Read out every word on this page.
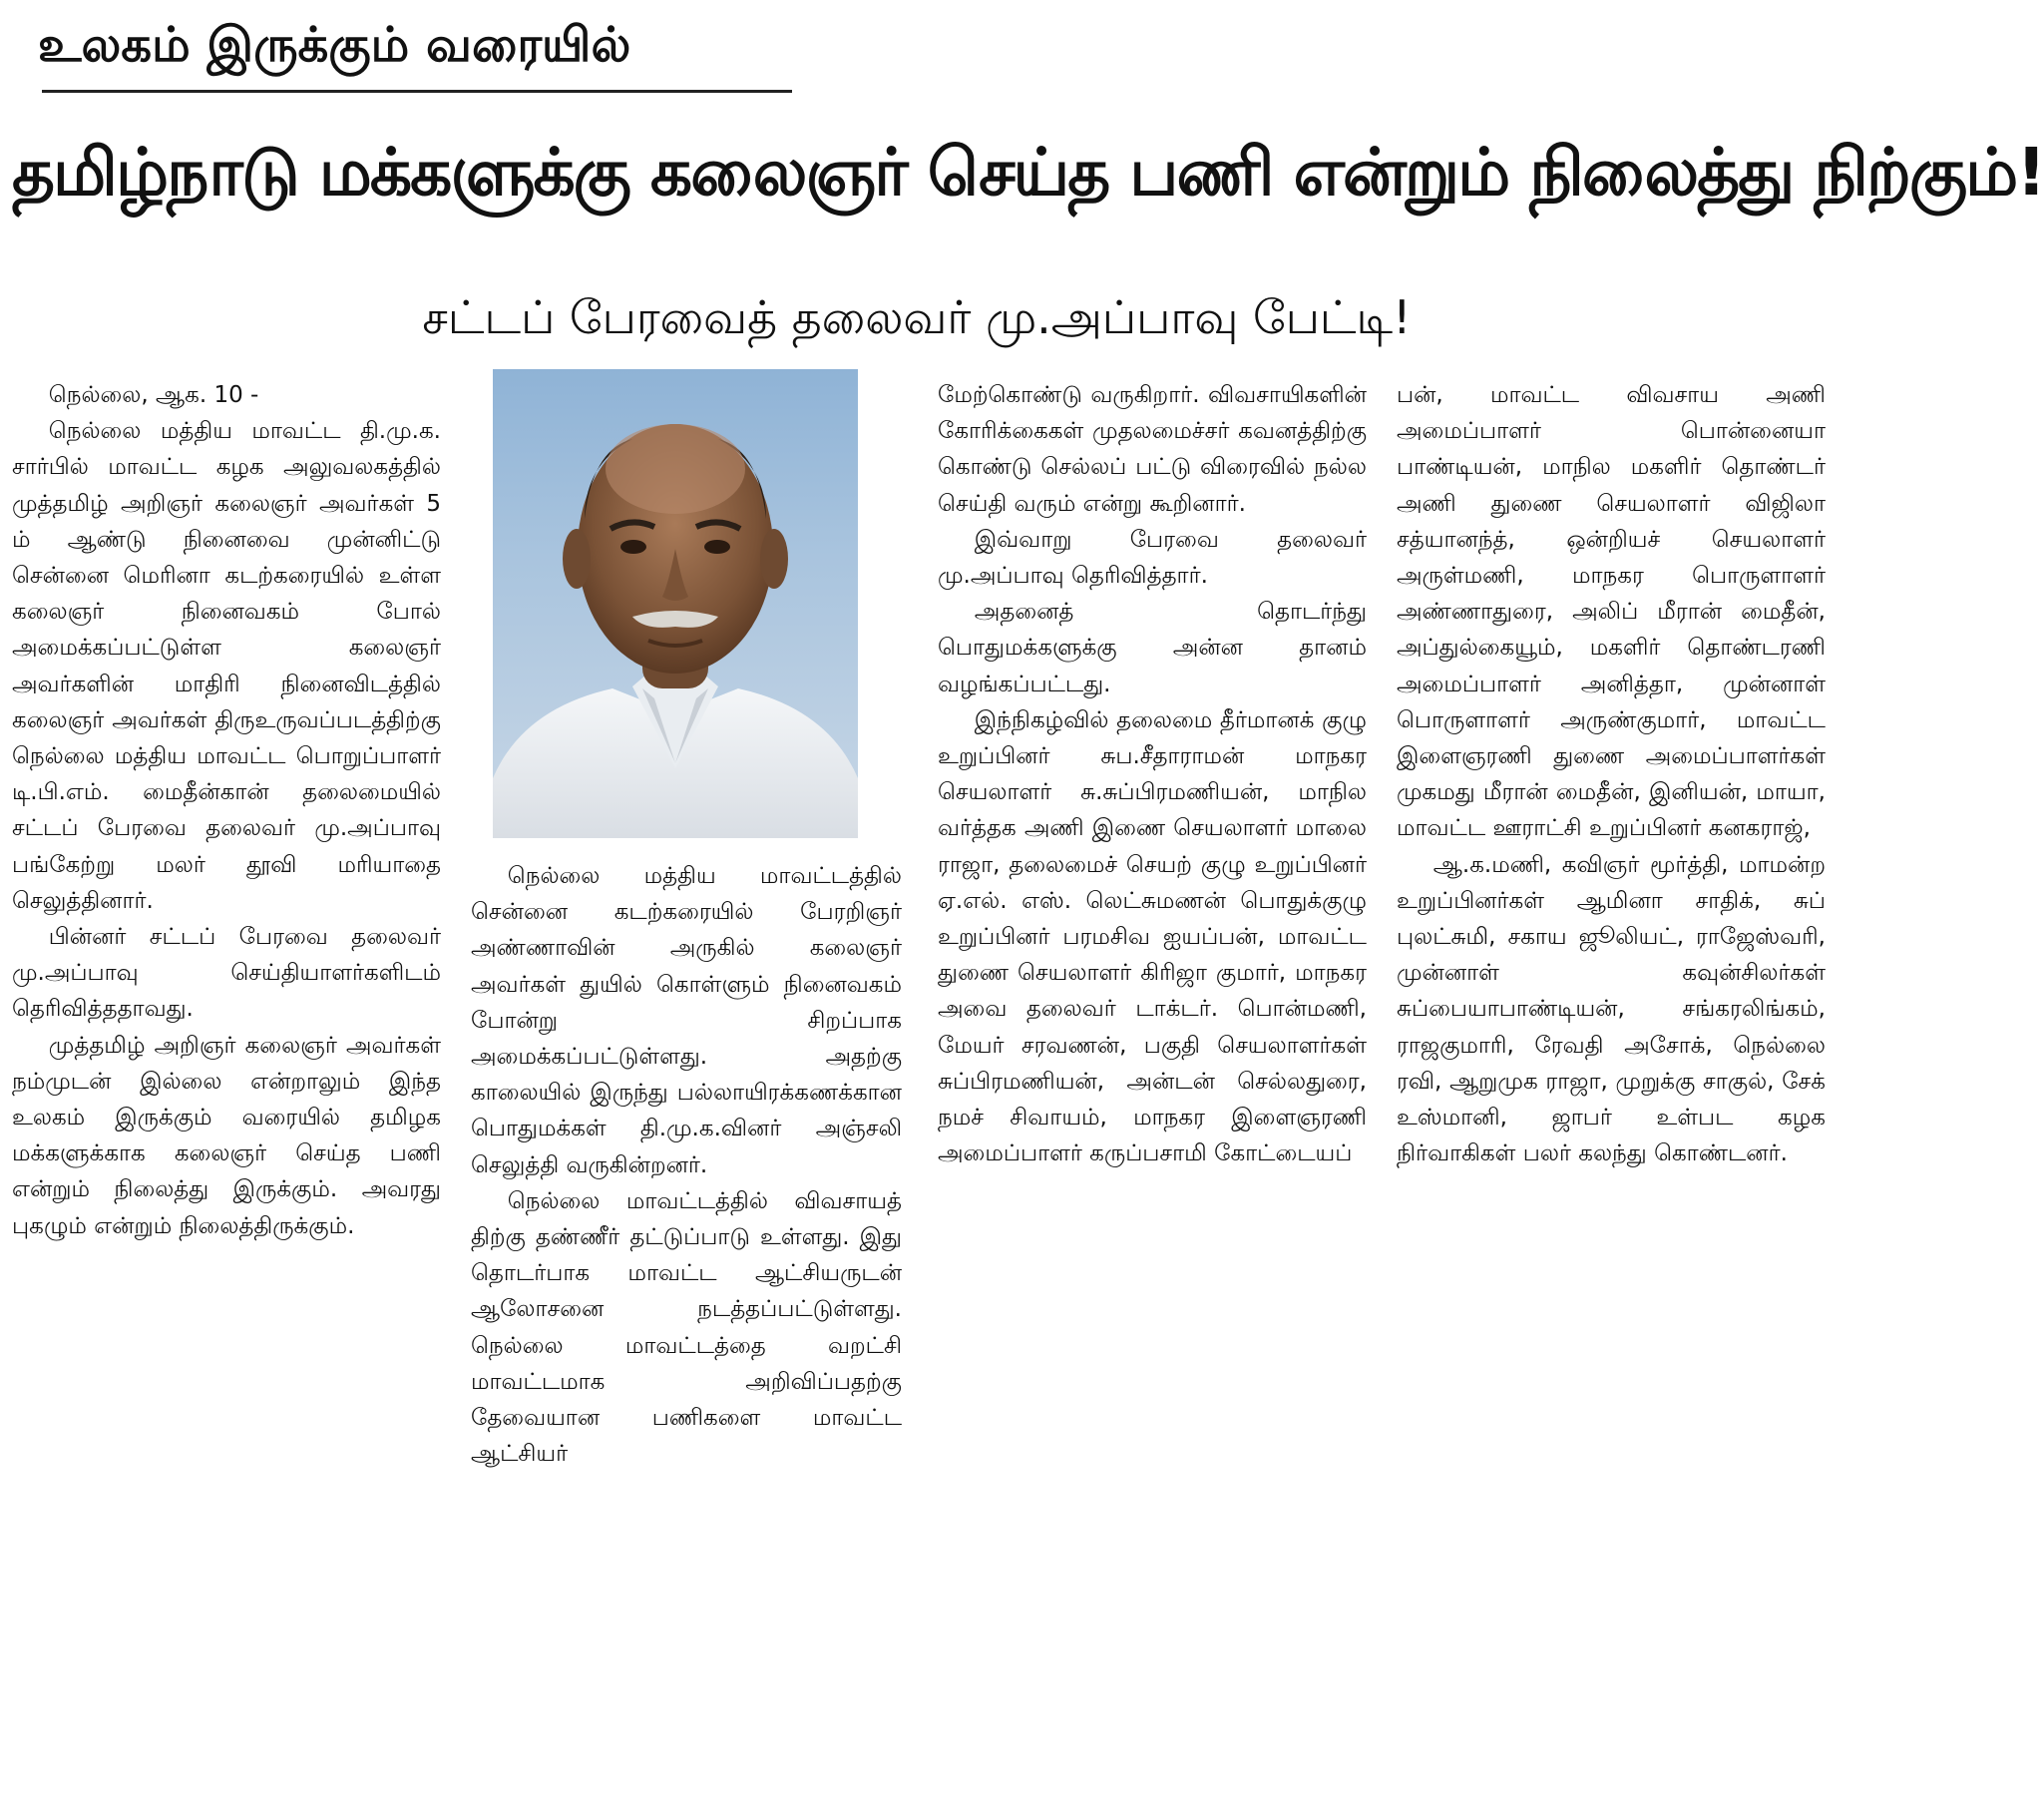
உலகம் இருக்கும் வரையில்
தமிழ்நாடு மக்களுக்கு கலைஞர் செய்த பணி என்றும் நிலைத்து நிற்கும்!
சட்டப் பேரவைத் தலைவர் மு.அப்பாவு பேட்டி!

நெல்லை, ஆக. 10 -

நெல்லை மத்திய மாவட்ட தி.மு.க. சார்பில் மாவட்ட கழக அலுவலகத்தில் முத்தமிழ் அறிஞர் கலைஞர் அவர்கள் 5 ம் ஆண்டு நினைவை முன்னிட்டு சென்னை மெரினா கடற்கரையில் உள்ள கலைஞர் நினைவகம் போல் அமைக்கப்பட்டுள்ள கலைஞர் அவர்களின் மாதிரி நினைவிடத்தில் கலைஞர் அவர்கள் திருஉருவப்படத்திற்கு நெல்லை மத்திய மாவட்ட பொறுப்பாளர் டி.பி.எம். மைதீன்கான் தலைமையில் சட்டப் பேரவை தலைவர் மு.அப்பாவு பங்கேற்று மலர் தூவி மரியாதை செலுத்தினார்.

பின்னர் சட்டப் பேரவை தலைவர் மு.அப்பாவு செய்தியாளர்களிடம் தெரிவித்ததாவது.

முத்தமிழ் அறிஞர் கலைஞர் அவர்கள் நம்முடன் இல்லை என்றாலும் இந்த உலகம் இருக்கும் வரையில் தமிழக மக்களுக்காக கலைஞர் செய்த பணி என்றும் நிலைத்து இருக்கும். அவரது புகழும் என்றும் நிலைத்திருக்கும்.

நெல்லை மத்திய மாவட்டத்தில் சென்னை கடற்கரையில் பேரறிஞர் அண்ணாவின் அருகில் கலைஞர் அவர்கள் துயில் கொள்ளும் நினைவகம் போன்று சிறப்பாக அமைக்கப்பட்டுள்ளது. அதற்கு காலையில் இருந்து பல்லாயிரக்கணக்கான பொதுமக்கள் தி.மு.க.வினர் அஞ்சலி செலுத்தி வருகின்றனர்.

நெல்லை மாவட்டத்தில் விவசாயத் திற்கு தண்ணீர் தட்டுப்பாடு உள்ளது. இது தொடர்பாக மாவட்ட ஆட்சியருடன் ஆலோசனை நடத்தப்பட்டுள்ளது. நெல்லை மாவட்டத்தை வறட்சி மாவட்டமாக அறிவிப்பதற்கு தேவையான பணிகளை மாவட்ட ஆட்சியர்

மேற்கொண்டு வருகிறார். விவசாயிகளின் கோரிக்கைகள் முதலமைச்சர் கவனத்திற்கு கொண்டு செல்லப் பட்டு விரைவில் நல்ல செய்தி வரும் என்று கூறினார்.

இவ்வாறு பேரவை தலைவர் மு.அப்பாவு தெரிவித்தார்.

அதனைத் தொடர்ந்து பொதுமக்களுக்கு அன்ன தானம் வழங்கப்பட்டது.

இந்நிகழ்வில் தலைமை தீர்மானக் குழு உறுப்பினர் சுப.சீதாராமன் மாநகர செயலாளர் சு.சுப்பிரமணியன், மாநில வர்த்தக அணி இணை செயலாளர் மாலை ராஜா, தலைமைச் செயற் குழு உறுப்பினர் ஏ.எல். எஸ். லெட்சுமணன் பொதுக்குழு உறுப்பினர் பரமசிவ ஐயப்பன், மாவட்ட துணை செயலாளர் கிரிஜா குமார், மாநகர அவை தலைவர் டாக்டர். பொன்மணி, மேயர் சரவணன், பகுதி செயலாளர்கள் சுப்பிரமணியன், அன்டன் செல்லதுரை, நமச் சிவாயம், மாநகர இளைஞரணி அமைப்பாளர் கருப்பசாமி கோட்டையப்

பன், மாவட்ட விவசாய அணி அமைப்பாளர் பொன்னையா பாண்டியன், மாநில மகளிர் தொண்டர் அணி துணை செயலாளர் விஜிலா சத்யானந்த், ஒன்றியச் செயலாளர் அருள்மணி, மாநகர பொருளாளர் அண்ணாதுரை, அலிப் மீரான் மைதீன், அப்துல்கையூம், மகளிர் தொண்டரணி அமைப்பாளர் அனித்தா, முன்னாள் பொருளாளர் அருண்குமார், மாவட்ட இளைஞரணி துணை அமைப்பாளர்கள் முகமது மீரான் மைதீன், இனியன், மாயா, மாவட்ட ஊராட்சி உறுப்பினர் கனகராஜ்,

ஆ.க.மணி, கவிஞர் மூர்த்தி, மாமன்ற உறுப்பினர்கள் ஆமினா சாதிக், சுப் புலட்சுமி, சகாய ஜூலியட், ராஜேஸ்வரி, முன்னாள் கவுன்சிலர்கள் சுப்பையாபாண்டியன், சங்கரலிங்கம், ராஜகுமாரி, ரேவதி அசோக், நெல்லை ரவி, ஆறுமுக ராஜா, முறுக்கு சாகுல், சேக் உஸ்மானி, ஜாபர் உள்பட கழக நிர்வாகிகள் பலர் கலந்து கொண்டனர்.
